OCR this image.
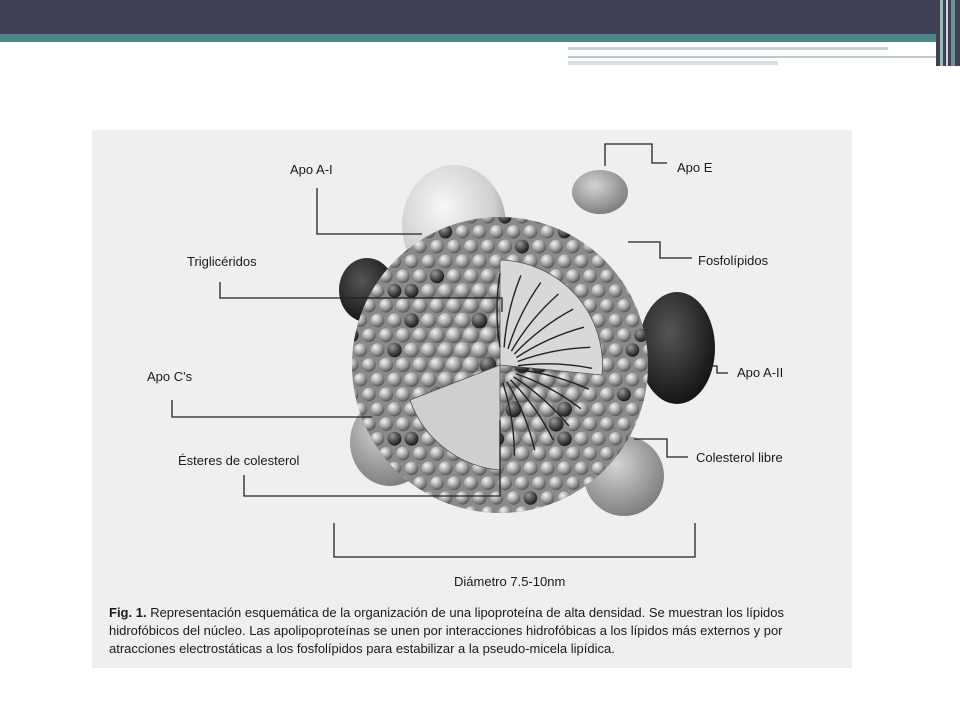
Apo A-I	Apo E
Triglicéridos	Fosfolípidos
Apo A-II
Apo C's
Colesterol libre
Ésteres de colesterol
Diámetro 7.5-10nm
Fig. 1. Representación esquemática de la organización de una lipoproteína de alta densidad. Se muestran los lípidos hidrofóbicos del núcleo. Las apolipoproteínas se unen por interacciones hidrofóbicas a los lípidos más externos y por atracciones electrostáticas a los fosfolípidos para estabilizar a la pseudo-micela lipídica.
